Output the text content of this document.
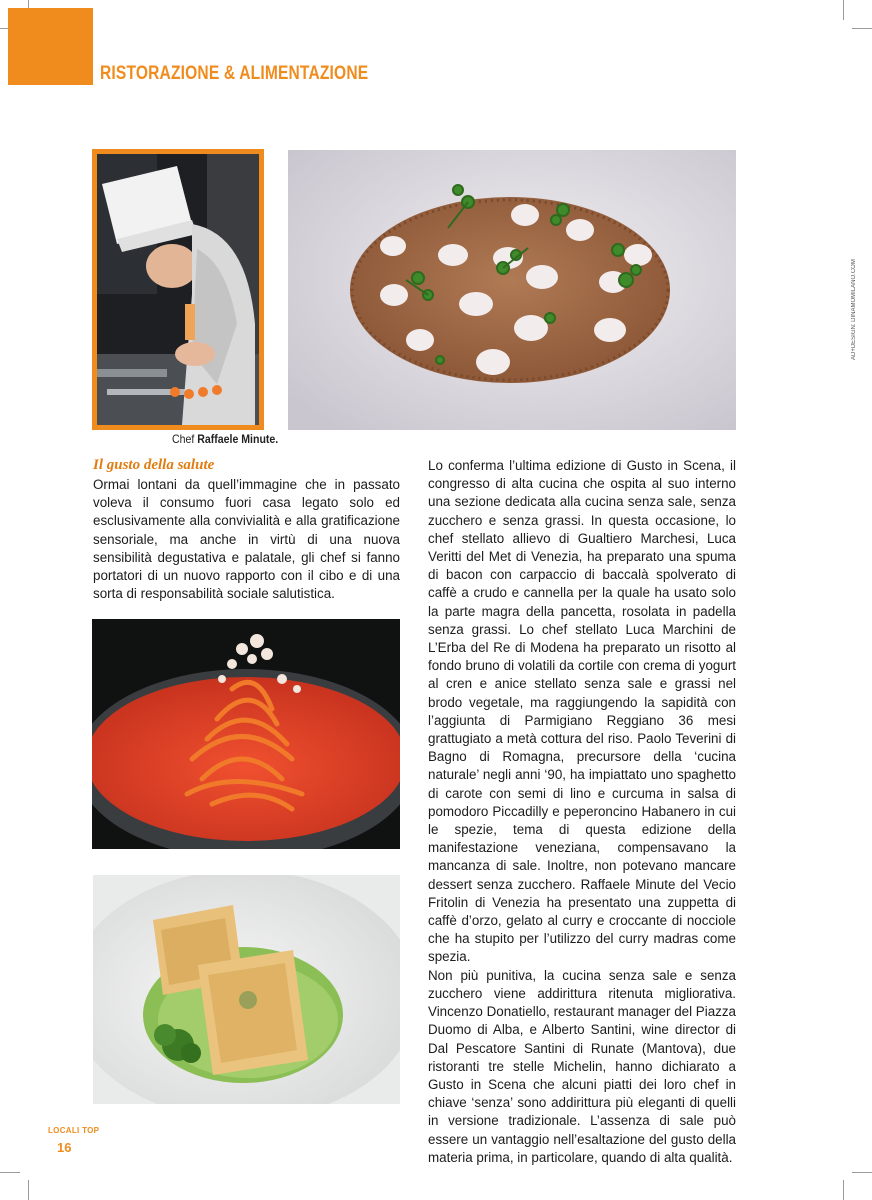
RISTORAZIONE & ALIMENTAZIONE
AD+DESIGN: DINAMOMILANO.COM
Chef Raffaele Minute.
Il gusto della salute

Ormai lontani da quell’immagine che in passato voleva il consumo fuori casa legato solo ed esclusivamente alla convivialità e alla gratificazione sensoriale, ma anche in virtù di una nuova sensibilità degustativa e palatale, gli chef si fanno portatori di un nuovo rapporto con il cibo e di una sorta di responsabilità sociale salutistica.

Lo conferma l’ultima edizione di Gusto in Scena, il congresso di alta cucina che ospita al suo interno una sezione dedicata alla cucina senza sale, senza zucchero e senza grassi. In questa occasione, lo chef stellato allievo di Gualtiero Marchesi, Luca Veritti del Met di Venezia, ha preparato una spuma di bacon con carpaccio di baccalà spolverato di caffè a crudo e cannella per la quale ha usato solo la parte magra della pancetta, rosolata in padella senza grassi. Lo chef stellato Luca Marchini de L’Erba del Re di Modena ha preparato un risotto al fondo bruno di volatili da cortile con crema di yogurt al cren e anice stellato senza sale e grassi nel brodo vegetale, ma raggiungendo la sapidità con l’aggiunta di Parmigiano Reggiano 36 mesi grattugiato a metà cottura del riso. Paolo Teverini di Bagno di Romagna, precursore della ‘cucina naturale’ negli anni ‘90, ha impiattato uno spaghetto di carote con semi di lino e curcuma in salsa di pomodoro Piccadilly e peperoncino Habanero in cui le spezie, tema di questa edizione della manifestazione veneziana, compensavano la mancanza di sale. Inoltre, non potevano mancare dessert senza zucchero. Raffaele Minute del Vecio Fritolin di Venezia ha presentato una zuppetta di caffè d’orzo, gelato al curry e croccante di nocciole che ha stupito per l’utilizzo del curry madras come spezia.

Non più punitiva, la cucina senza sale e senza zucchero viene addirittura ritenuta migliorativa. Vincenzo Donatiello, restaurant manager del Piazza Duomo di Alba, e Alberto Santini, wine director di Dal Pescatore Santini di Runate (Mantova), due ristoranti tre stelle Michelin, hanno dichiarato a Gusto in Scena che alcuni piatti dei loro chef in chiave ‘senza’ sono addirittura più eleganti di quelli in versione tradizionale. L’assenza di sale può essere un vantaggio nell’esaltazione del gusto della materia prima, in particolare, quando di alta qualità.

LOCALI TOP
16
